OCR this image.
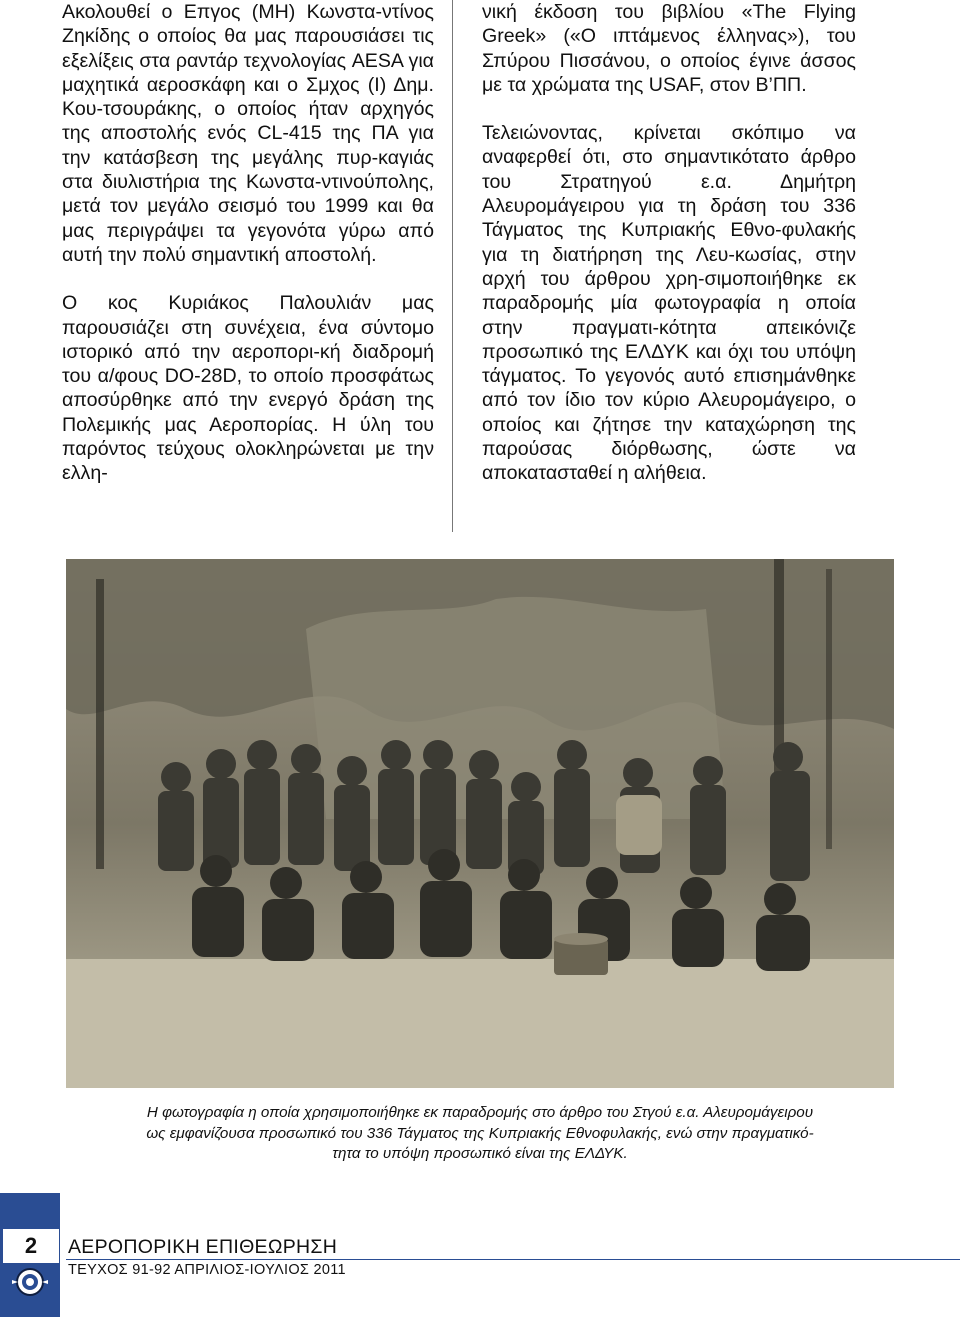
Ακολουθεί ο Επγος (ΜΗ) Κωνστα-ντίνος Ζηκίδης ο οποίος θα μας παρουσιάσει τις εξελίξεις στα ραντάρ τεχνολογίας AESA για μαχητικά αεροσκάφη και ο Σμχος (Ι) Δημ. Κου-τσουράκης, ο οποίος ήταν αρχηγός της αποστολής ενός CL-415 της ΠΑ για την κατάσβεση της μεγάλης πυρ-καγιάς στα διυλιστήρια της Κωνστα-ντινούπολης, μετά τον μεγάλο σεισμό του 1999 και θα μας περιγράψει τα γεγονότα γύρω από αυτή την πολύ σημαντική αποστολή.

Ο κος Κυριάκος Παλουλιάν μας παρουσιάζει στη συνέχεια, ένα σύντομο ιστορικό από την αεροπορι-κή διαδρομή του α/φους DO-28D, το οποίο προσφάτως αποσύρθηκε από την ενεργό δράση της Πολεμικής μας Αεροπορίας. Η ύλη του παρόντος τεύχους ολοκληρώνεται με την ελλη-

νική έκδοση του βιβλίου «The Flying Greek» («Ο ιπτάμενος έλληνας»), του Σπύρου Πισσάνου, ο οποίος έγινε άσσος με τα χρώματα της USAF, στον Β’ΠΠ.

Τελειώνοντας, κρίνεται σκόπιμο να αναφερθεί ότι, στο σημαντικότατο άρθρο του Στρατηγού ε.α. Δημήτρη Αλευρομάγειρου για τη δράση του 336 Τάγματος της Κυπριακής Εθνο-φυλακής για τη διατήρηση της Λευ-κωσίας, στην αρχή του άρθρου χρη-σιμοποιήθηκε εκ παραδρομής μία φωτογραφία η οποία στην πραγματι-κότητα απεικόνιζε προσωπικό της ΕΛΔΥΚ και όχι του υπόψη τάγματος. Το γεγονός αυτό επισημάνθηκε από τον ίδιο τον κύριο Αλευρομάγειρο, ο οποίος και ζήτησε την καταχώρηση της παρούσας διόρθωσης, ώστε να αποκατασταθεί η αλήθεια.

Η φωτογραφία η οποία χρησιμοποιήθηκε εκ παραδρομής στο άρθρο του Στγού ε.α. Αλευρομάγειρου
ως εμφανίζουσα προσωπικό του 336 Τάγματος της Κυπριακής Εθνοφυλακής, ενώ στην πραγματικό-
τητα το υπόψη προσωπικό είναι της ΕΛΔΥΚ.
2	ΑΕΡΟΠΟΡΙΚΗ ΕΠΙΘΕΩΡΗΣΗ
ΤΕΥΧΟΣ 91-92 ΑΠΡΙΛΙΟΣ-ΙΟΥΛΙΟΣ 2011
